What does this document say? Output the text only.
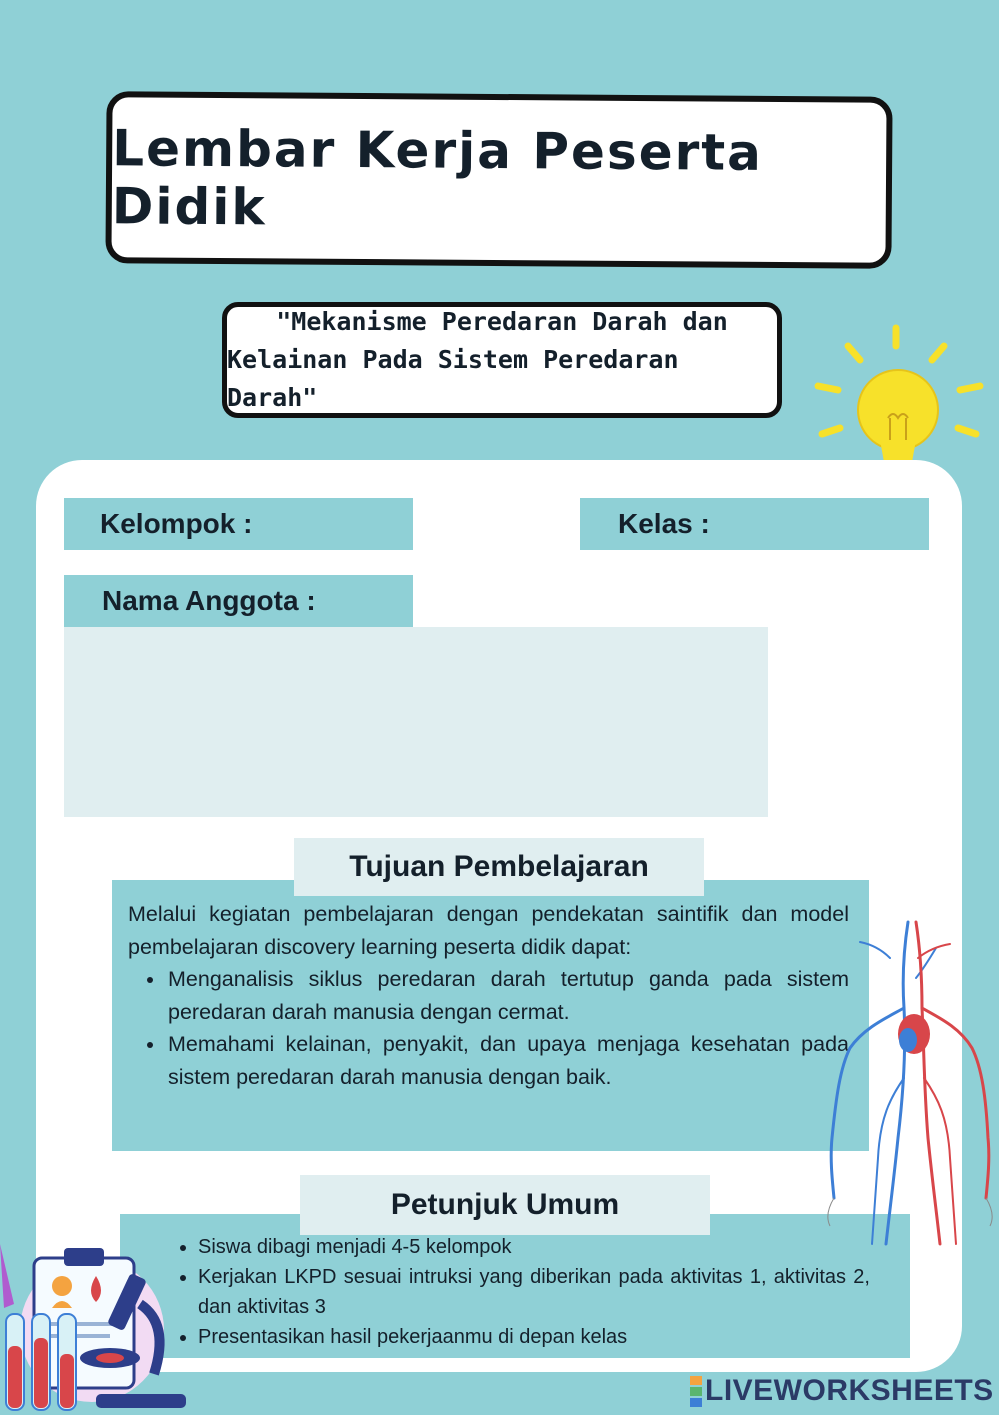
Lembar Kerja Peserta Didik
"Mekanisme Peredaran Darah dan
Kelainan Pada Sistem Peredaran Darah"
Kelompok :	Kelas :
Nama Anggota :

Melalui kegiatan pembelajaran dengan pendekatan saintifik dan model pembelajaran discovery learning peserta didik dapat:

• Menganalisis siklus peredaran darah tertutup ganda pada sistem peredaran darah manusia dengan cermat.
• Memahami kelainan, penyakit, dan upaya menjaga kesehatan pada sistem peredaran darah manusia dengan baik.
Tujuan Pembelajaran
• Siswa dibagi menjadi 4-5 kelompok
• Kerjakan LKPD sesuai intruksi yang diberikan pada aktivitas 1, aktivitas 2, dan aktivitas 3
• Presentasikan hasil pekerjaanmu di depan kelas
Petunjuk Umum
LIVEWORKSHEETS
